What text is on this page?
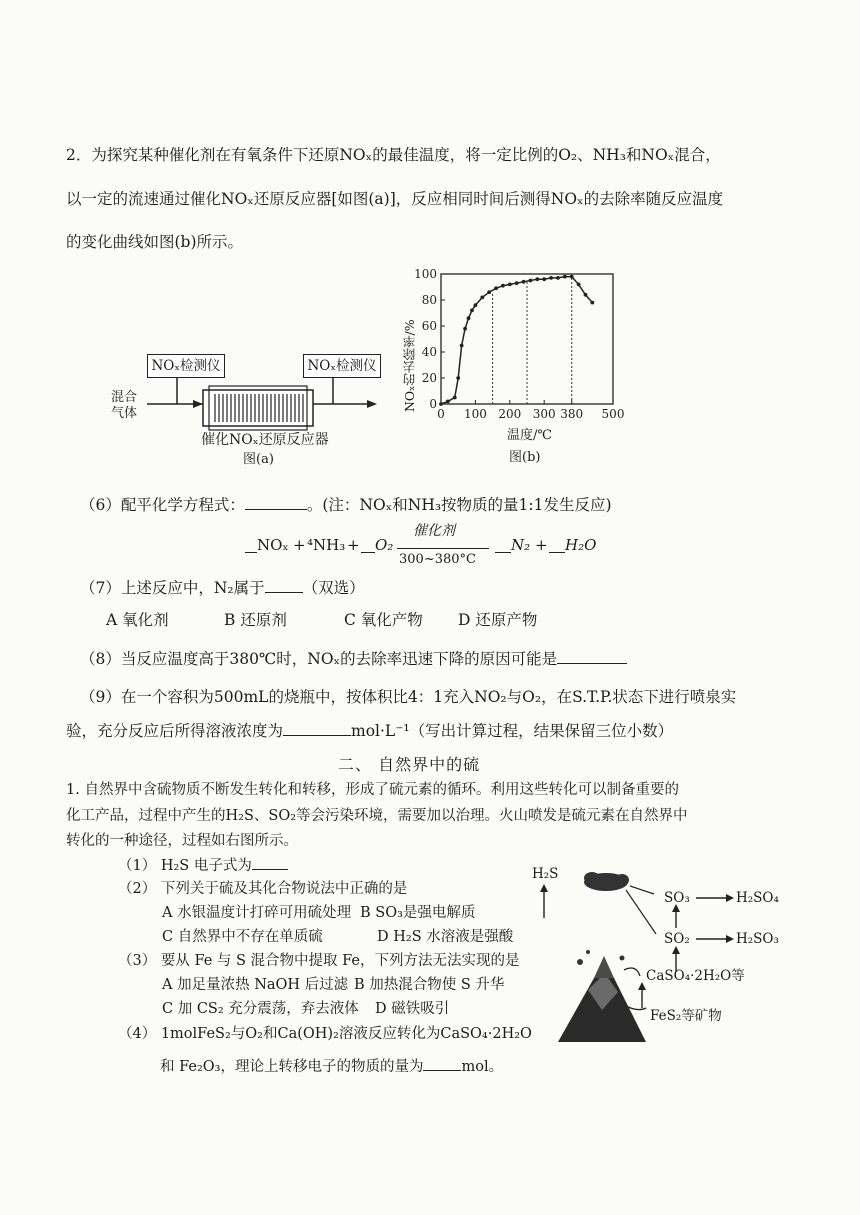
2．为探究某种催化剂在有氧条件下还原NOₓ的最佳温度，将一定比例的O₂、NH₃和NOₓ混合，
以一定的流速通过催化NOₓ还原反应器[如图(a)]，反应相同时间后测得NOₓ的去除率随反应温度
的变化曲线如图(b)所示。
NOₓ检测仪	NOₓ检测仪
混合
气体
催化NOₓ还原反应器
图(a)
0
20
40
60
80
100
0 100 200 300 380 500
NOₓ的去除率/%
温度/℃
图(b)
（6）配平化学方程式：	。(注：NOₓ和NH₃按物质的量1:1发生反应)
NOₓ + ⁴NH₃ + O₂
催化剂
300~380°C
N₂ + H₂O
（7）上述反应中，N₂属于 （双选）
A 氧化剂	B 还原剂	C 氧化产物 D 还原产物
（8）当反应温度高于380℃时，NOₓ的去除率迅速下降的原因可能是
（9）在一个容积为500mL的烧瓶中，按体积比4：1充入NO₂与O₂，在S.T.P.状态下进行喷泉实
验，充分反应后所得溶液浓度为	mol·L⁻¹（写出计算过程，结果保留三位小数）
二、 自然界中的硫
1. 自然界中含硫物质不断发生转化和转移，形成了硫元素的循环。利用这些转化可以制备重要的
化工产品，过程中产生的H₂S、SO₂等会污染环境，需要加以治理。火山喷发是硫元素在自然界中
转化的一种途径，过程如右图所示。
（1） H₂S 电子式为
（2） 下列关于硫及其化合物说法中正确的是
A 水银温度计打碎可用硫处理 B SO₃是强电解质
C 自然界中不存在单质硫	D H₂S 水溶液是强酸
（3） 要从 Fe 与 S 混合物中提取 Fe，下列方法无法实现的是
A 加足量浓热 NaOH 后过滤 B 加热混合物使 S 升华
C 加 CS₂ 充分震荡，弃去液体 D 磁铁吸引
（4） 1molFeS₂与O₂和Ca(OH)₂溶液反应转化为CaSO₄·2H₂O
和 Fe₂O₃，理论上转移电子的物质的量为	mol。
H₂S
SO₃	H₂SO₄
SO₂	H₂SO₃
CaSO₄·2H₂O等
FeS₂等矿物
